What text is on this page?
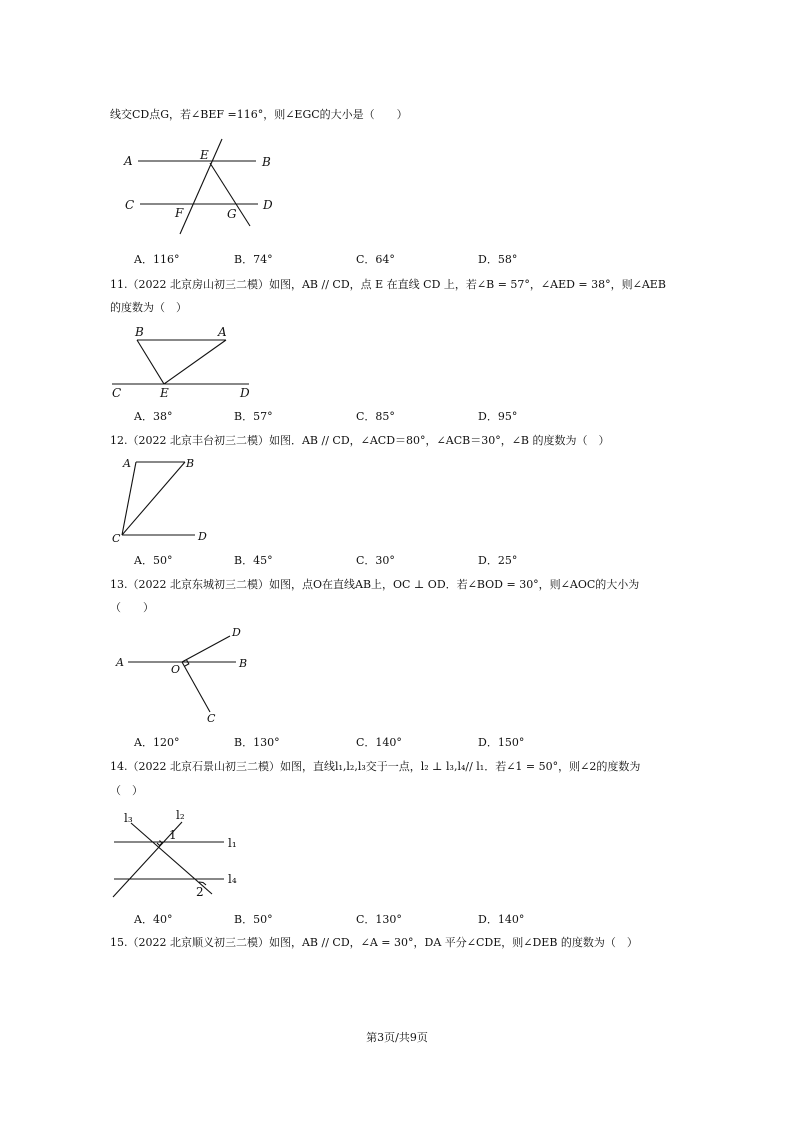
线交CD点G，若∠BEF =116°，则∠EGC的大小是（　　）
A	E	B
C
F	G
D
A．116°	B．74°	C．64°	D．58°
11.（2022 北京房山初三二模）如图，AB // CD，点 E 在直线 CD 上，若∠B = 57°，∠AED = 38°，则∠AEB
的度数为（　）
B	A
C	E	D
A．38°	B．57°	C．85°	D．95°
12.（2022 北京丰台初三二模）如图．AB // CD，∠ACD＝80°，∠ACB＝30°，∠B 的度数为（　）
A	B
C	D
A．50°	B．45°	C．30°	D．25°
13.（2022 北京东城初三二模）如图，点O在直线AB上，OC ⊥ OD．若∠BOD = 30°，则∠AOC的大小为
（　　）
D
A
O	B
C
A．120°	B．130°	C．140°	D．150°
14.（2022 北京石景山初三二模）如图，直线l₁,l₂,l₃交于一点，l₂ ⊥ l₃,l₄// l₁．若∠1 = 50°，则∠2的度数为
（　）
l₃	l₂
1
l₁
l₄
2
A．40°	B．50°	C．130°	D．140°
15.（2022 北京顺义初三二模）如图，AB // CD，∠A = 30°，DA 平分∠CDE，则∠DEB 的度数为（　）
第3页/共9页
